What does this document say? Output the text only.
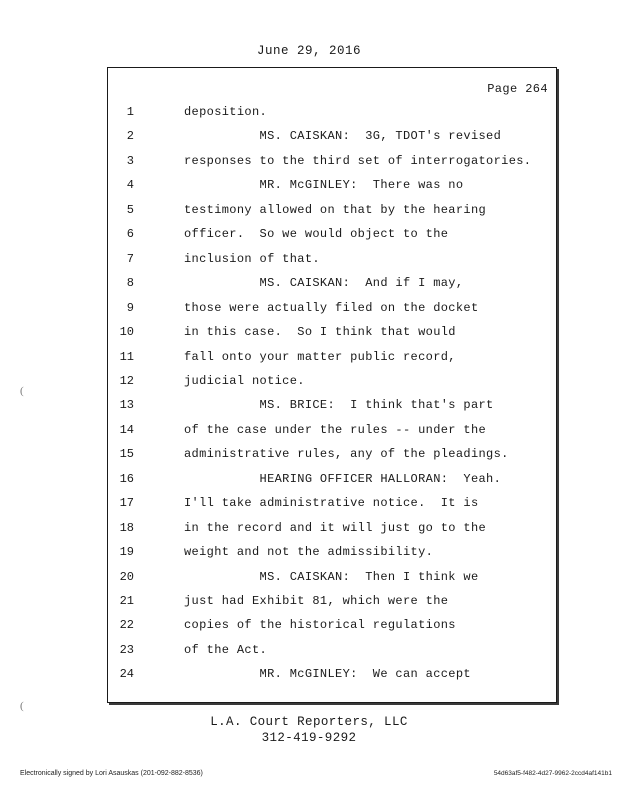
June 29, 2016
Page 264
1	deposition.
2	MS. CAISKAN:  3G, TDOT's revised
3	responses to the third set of interrogatories.
4	MR. McGINLEY:  There was no
5	testimony allowed on that by the hearing
6	officer.  So we would object to the
7	inclusion of that.
8	MS. CAISKAN:  And if I may,
9	those were actually filed on the docket
10	in this case.  So I think that would
11	fall onto your matter public record,
12	judicial notice.
13	MS. BRICE:  I think that's part
14	of the case under the rules -- under the
15	administrative rules, any of the pleadings.
16	HEARING OFFICER HALLORAN:  Yeah.
17	I'll take administrative notice.  It is
18	in the record and it will just go to the
19	weight and not the admissibility.
20	MS. CAISKAN:  Then I think we
21	just had Exhibit 81, which were the
22	copies of the historical regulations
23	of the Act.
24	MR. McGINLEY:  We can accept
L.A. Court Reporters, LLC
312-419-9292
Electronically signed by Lori Asauskas (201-092-882-8536)	54d63af5-f482-4d27-9962-2ccd4af141b1
(
(
